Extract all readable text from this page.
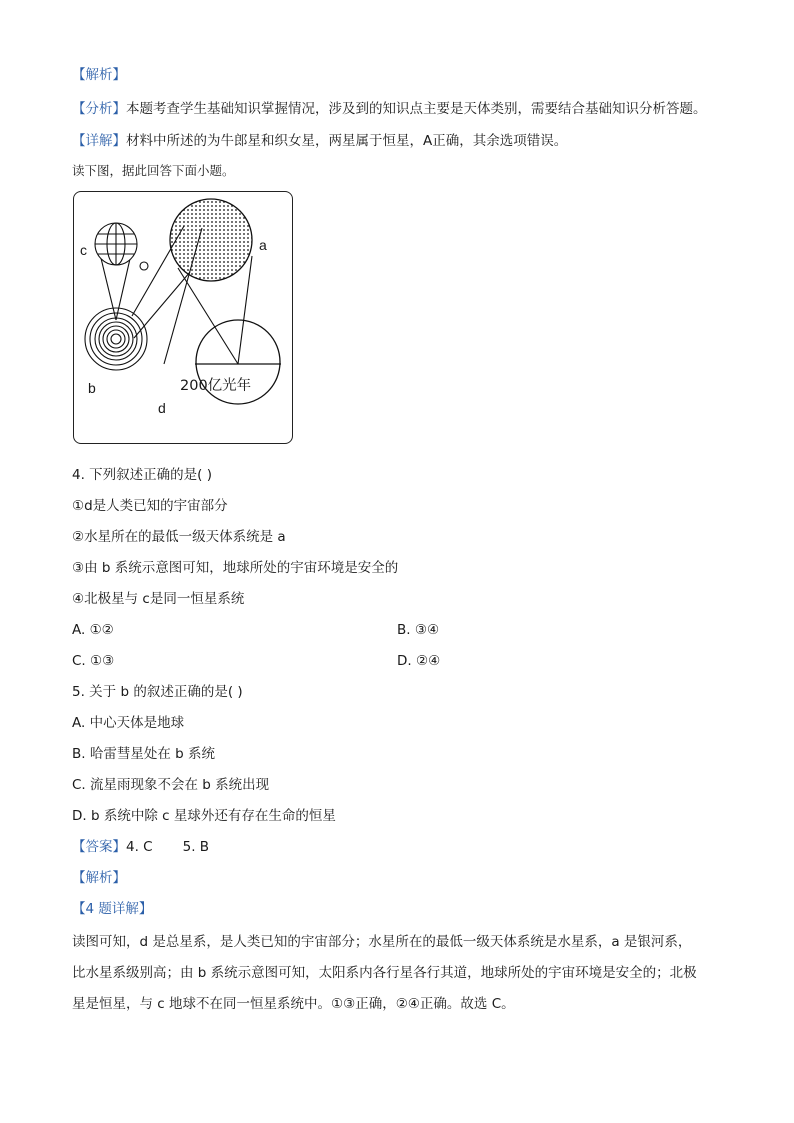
【解析】
【分析】本题考查学生基础知识掌握情况，涉及到的知识点主要是天体类别，需要结合基础知识分析答题。
【详解】材料中所述的为牛郎星和织女星，两星属于恒星，A正确，其余选项错误。
读下图，据此回答下面小题。
c	a
b
d
200亿光年
4. 下列叙述正确的是( )
①d是人类已知的宇宙部分
②水星所在的最低一级天体系统是 a
③由 b 系统示意图可知，地球所处的宇宙环境是安全的
④北极星与 c是同一恒星系统
A. ①②	B. ③④
C. ①③	D. ②④
5. 关于 b 的叙述正确的是( )
A. 中心天体是地球
B. 哈雷彗星处在 b 系统
C. 流星雨现象不会在 b 系统出现
D. b 系统中除 c 星球外还有存在生命的恒星
【答案】4. C       5. B
【解析】
【4 题详解】
读图可知，d 是总星系，是人类已知的宇宙部分；水星所在的最低一级天体系统是水星系，a 是银河系，
比水星系级别高；由 b 系统示意图可知，太阳系内各行星各行其道，地球所处的宇宙环境是安全的；北极
星是恒星，与 c 地球不在同一恒星系统中。①③正确，②④正确。故选 C。
